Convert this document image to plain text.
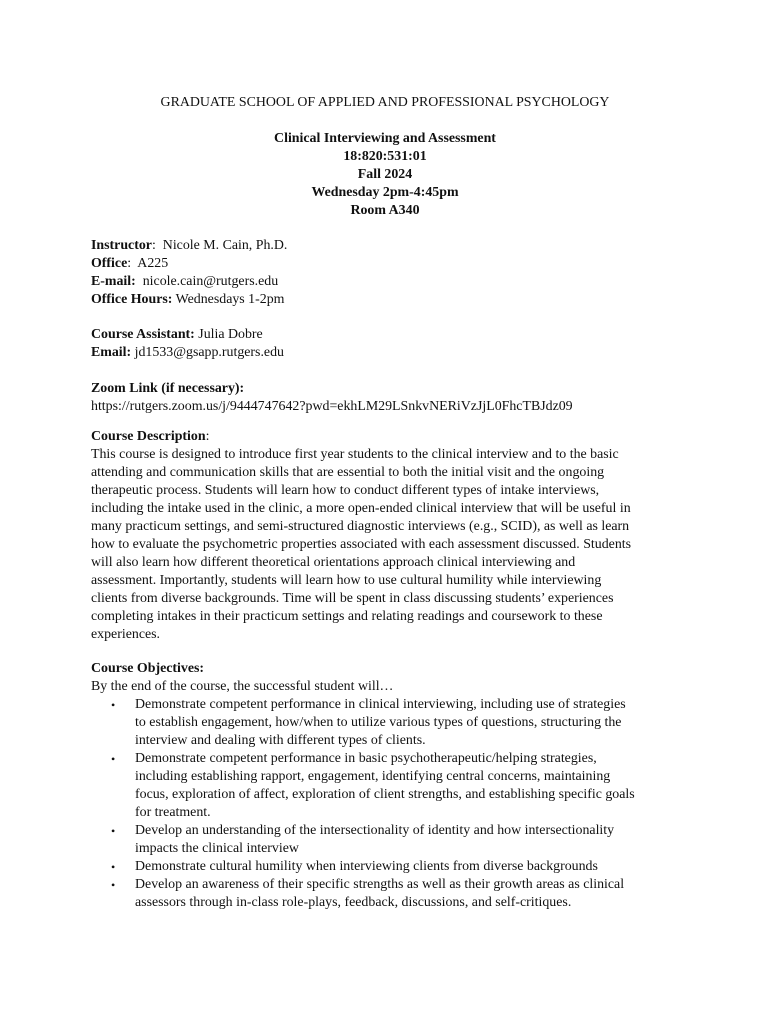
GRADUATE SCHOOL OF APPLIED AND PROFESSIONAL PSYCHOLOGY
Clinical Interviewing and Assessment
18:820:531:01
Fall 2024
Wednesday 2pm-4:45pm
Room A340
Instructor:  Nicole M. Cain, Ph.D.
Office:  A225
E-mail: nicole.cain@rutgers.edu
Office Hours: Wednesdays 1-2pm
Course Assistant: Julia Dobre
Email: jd1533@gsapp.rutgers.edu
Zoom Link (if necessary):
https://rutgers.zoom.us/j/9444747642?pwd=ekhLM29LSnkvNERiVzJjL0FhcTBJdz09
Course Description:
This course is designed to introduce first year students to the clinical interview and to the basic
attending and communication skills that are essential to both the initial visit and the ongoing
therapeutic process. Students will learn how to conduct different types of intake interviews,
including the intake used in the clinic, a more open-ended clinical interview that will be useful in
many practicum settings, and semi-structured diagnostic interviews (e.g., SCID), as well as learn
how to evaluate the psychometric properties associated with each assessment discussed. Students
will also learn how different theoretical orientations approach clinical interviewing and
assessment. Importantly, students will learn how to use cultural humility while interviewing
clients from diverse backgrounds. Time will be spent in class discussing students’ experiences
completing intakes in their practicum settings and relating readings and coursework to these
experiences.
Course Objectives:
By the end of the course, the successful student will…
• Demonstrate competent performance in clinical interviewing, including use of strategies
to establish engagement, how/when to utilize various types of questions, structuring the
interview and dealing with different types of clients.
• Demonstrate competent performance in basic psychotherapeutic/helping strategies,
including establishing rapport, engagement, identifying central concerns, maintaining
focus, exploration of affect, exploration of client strengths, and establishing specific goals
for treatment.
• Develop an understanding of the intersectionality of identity and how intersectionality
impacts the clinical interview
• Demonstrate cultural humility when interviewing clients from diverse backgrounds
• Develop an awareness of their specific strengths as well as their growth areas as clinical
assessors through in-class role-plays, feedback, discussions, and self-critiques.
